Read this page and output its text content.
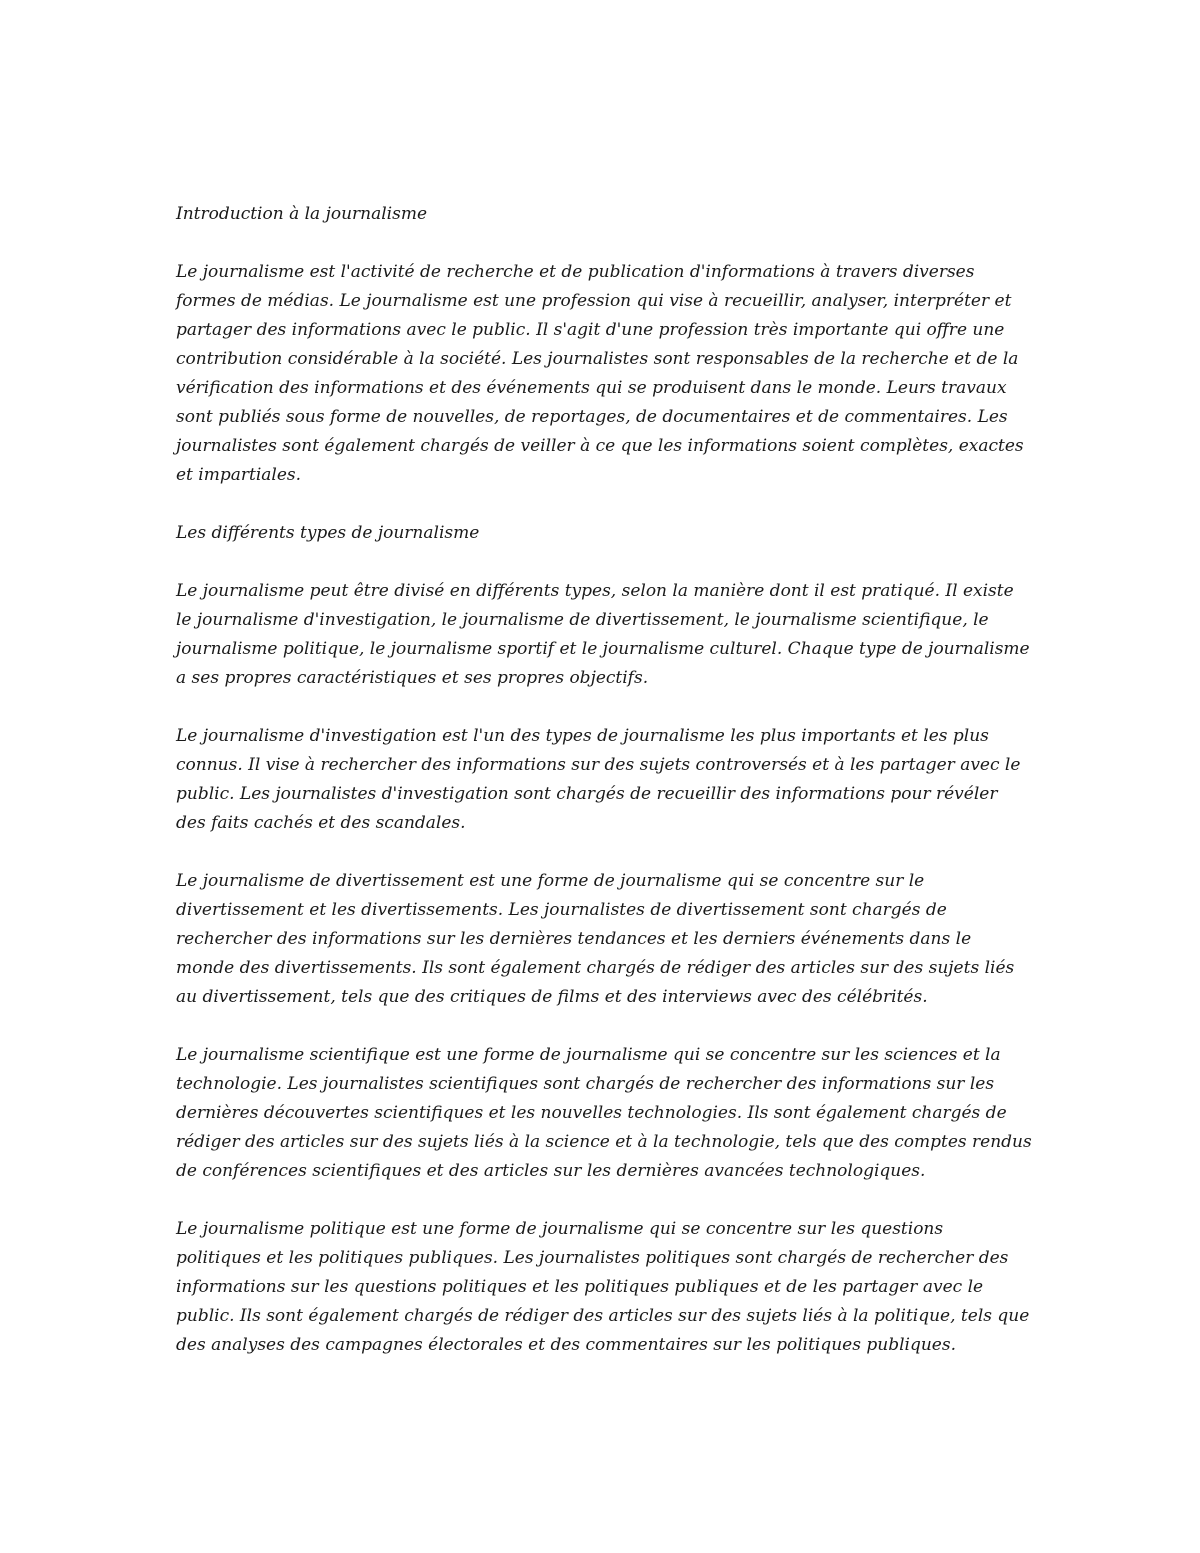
Introduction à la journalisme

Le journalisme est l'activité de recherche et de publication d'informations à travers diverses formes de médias. Le journalisme est une profession qui vise à recueillir, analyser, interpréter et partager des informations avec le public. Il s'agit d'une profession très importante qui offre une contribution considérable à la société. Les journalistes sont responsables de la recherche et de la vérification des informations et des événements qui se produisent dans le monde. Leurs travaux sont publiés sous forme de nouvelles, de reportages, de documentaires et de commentaires. Les journalistes sont également chargés de veiller à ce que les informations soient complètes, exactes et impartiales.

Les différents types de journalisme

Le journalisme peut être divisé en différents types, selon la manière dont il est pratiqué. Il existe le journalisme d'investigation, le journalisme de divertissement, le journalisme scientifique, le journalisme politique, le journalisme sportif et le journalisme culturel. Chaque type de journalisme a ses propres caractéristiques et ses propres objectifs.

Le journalisme d'investigation est l'un des types de journalisme les plus importants et les plus connus. Il vise à rechercher des informations sur des sujets controversés et à les partager avec le public. Les journalistes d'investigation sont chargés de recueillir des informations pour révéler des faits cachés et des scandales.

Le journalisme de divertissement est une forme de journalisme qui se concentre sur le divertissement et les divertissements. Les journalistes de divertissement sont chargés de rechercher des informations sur les dernières tendances et les derniers événements dans le monde des divertissements. Ils sont également chargés de rédiger des articles sur des sujets liés au divertissement, tels que des critiques de films et des interviews avec des célébrités.

Le journalisme scientifique est une forme de journalisme qui se concentre sur les sciences et la technologie. Les journalistes scientifiques sont chargés de rechercher des informations sur les dernières découvertes scientifiques et les nouvelles technologies. Ils sont également chargés de rédiger des articles sur des sujets liés à la science et à la technologie, tels que des comptes rendus de conférences scientifiques et des articles sur les dernières avancées technologiques.

Le journalisme politique est une forme de journalisme qui se concentre sur les questions politiques et les politiques publiques. Les journalistes politiques sont chargés de rechercher des informations sur les questions politiques et les politiques publiques et de les partager avec le public. Ils sont également chargés de rédiger des articles sur des sujets liés à la politique, tels que des analyses des campagnes électorales et des commentaires sur les politiques publiques.
